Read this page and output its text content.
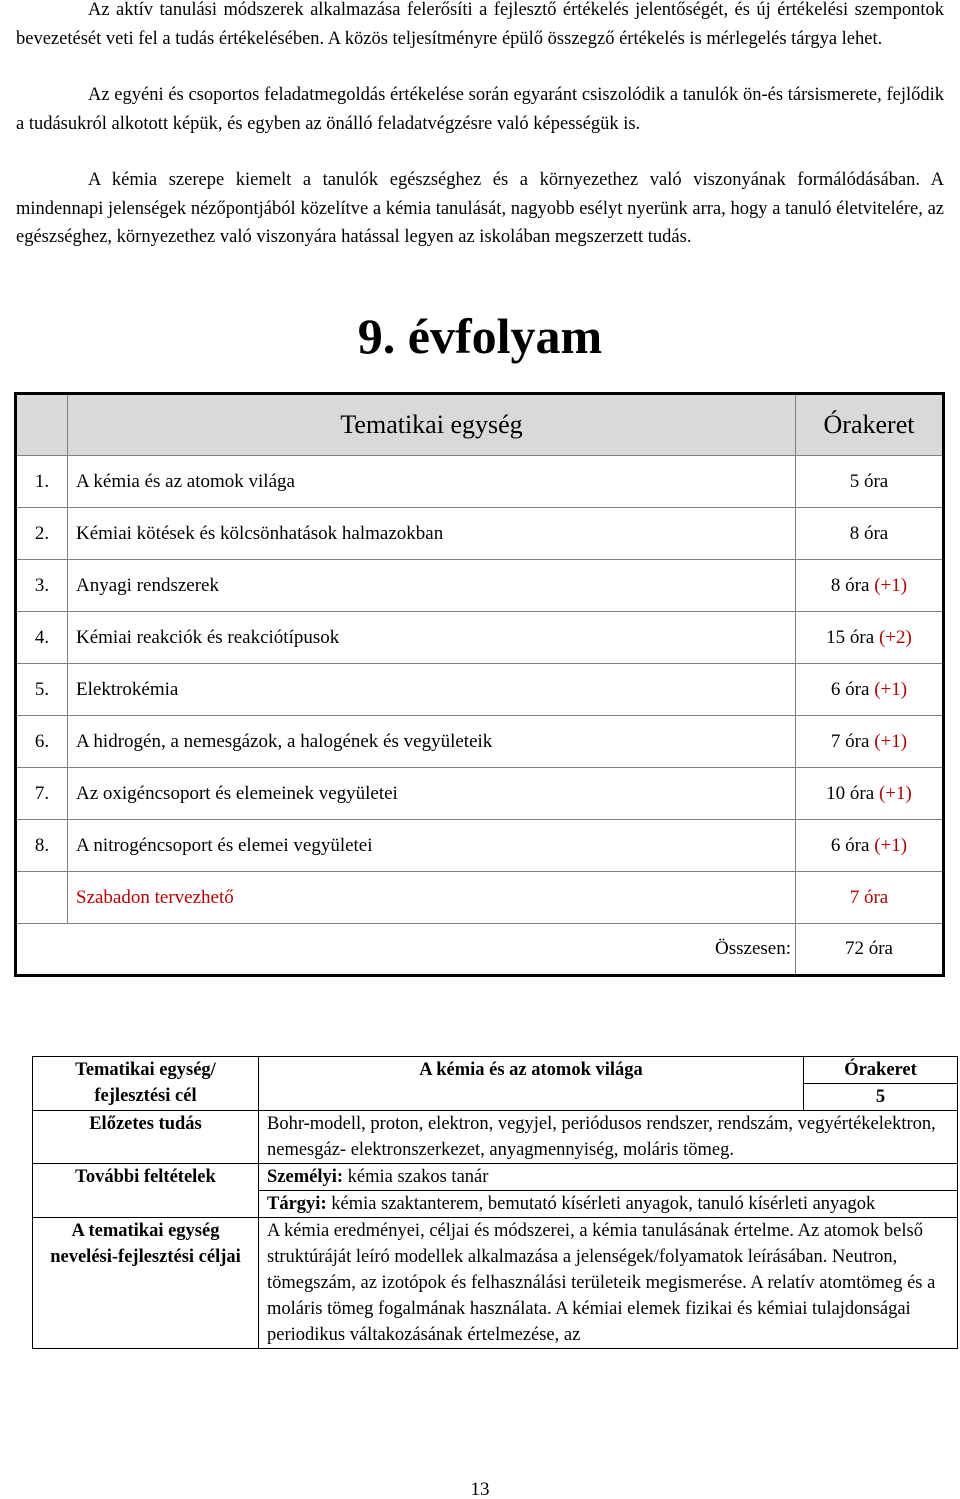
Az aktív tanulási módszerek alkalmazása felerősíti a fejlesztő értékelés jelentőségét, és új értékelési szempontok bevezetését veti fel a tudás értékelésében. A közös teljesítményre épülő összegző értékelés is mérlegelés tárgya lehet.

Az egyéni és csoportos feladatmegoldás értékelése során egyaránt csiszolódik a tanulók ön-és társismerete, fejlődik a tudásukról alkotott képük, és egyben az önálló feladatvégzésre való képességük is.

A kémia szerepe kiemelt a tanulók egészséghez és a környezethez való viszonyának formálódásában. A mindennapi jelenségek nézőpontjából közelítve a kémia tanulását, nagyobb esélyt nyerünk arra, hogy a tanuló életvitelére, az egészséghez, környezethez való viszonyára hatással legyen az iskolában megszerzett tudás.

9. évfolyam
	Tematikai egység	Órakeret
1.	A kémia és az atomok világa	5 óra
2.	Kémiai kötések és kölcsönhatások halmazokban	8 óra
3.	Anyagi rendszerek	8 óra (+1)
4.	Kémiai reakciók és reakciótípusok	15 óra (+2)
5.	Elektrokémia	6 óra (+1)
6.	A hidrogén, a nemesgázok, a halogének és vegyületeik	7 óra (+1)
7.	Az oxigéncsoport és elemeinek vegyületei	10 óra (+1)
8.	A nitrogéncsoport és elemei vegyületei	6 óra (+1)
	Szabadon tervezhető	7 óra
Összesen:		72 óra
Tematikai egység/ fejlesztési cél	A kémia és az atomok világa	Órakeret
		5
Előzetes tudás	Bohr-modell, proton, elektron, vegyjel, periódusos rendszer, rendszám, vegyértékelektron, nemesgáz- elektronszerkezet, anyagmennyiség, moláris tömeg.	
További feltételek	Személyi: kémia szakos tanár	
	Tárgyi: kémia szaktanterem, bemutató kísérleti anyagok, tanuló kísérleti anyagok	
A tematikai egység nevelési-fejlesztési céljai	A kémia eredményei, céljai és módszerei, a kémia tanulásának értelme. Az atomok belső struktúráját leíró modellek alkalmazása a jelenségek/folyamatok leírásában. Neutron, tömegszám, az izotópok és felhasználási területeik megismerése. A relatív atomtömeg és a moláris tömeg fogalmának használata. A kémiai elemek fizikai és kémiai tulajdonságai periodikus váltakozásának értelmezése, az	
13
